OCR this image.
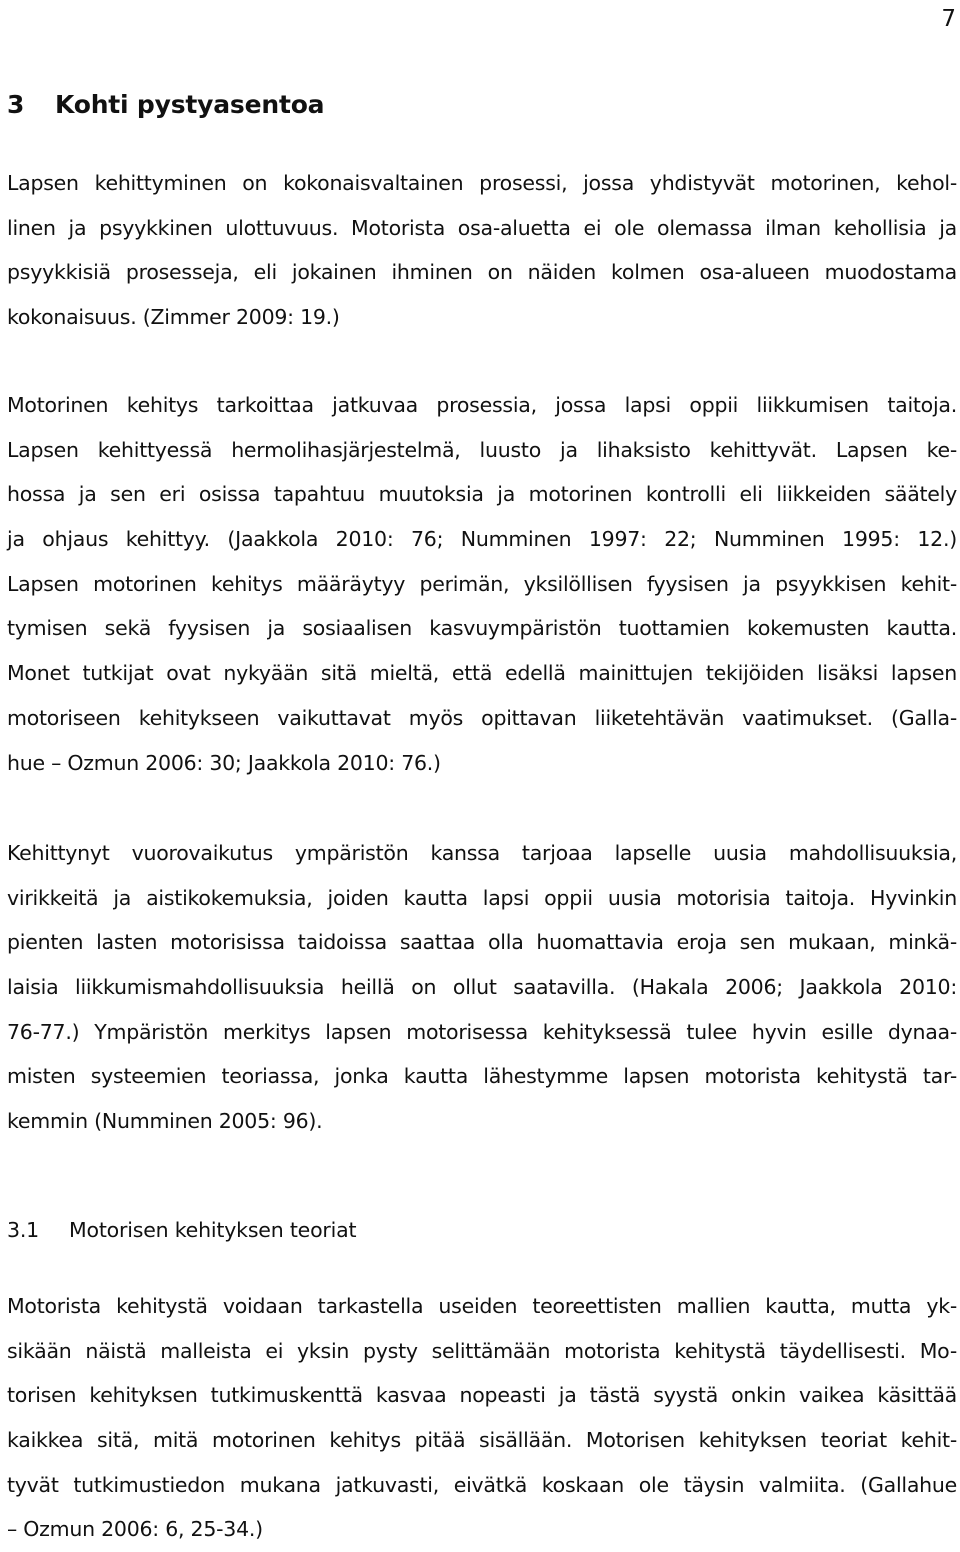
7
3 Kohti pystyasentoa
Lapsen kehittyminen on kokonaisvaltainen prosessi, jossa yhdistyvät motorinen, kehol-
linen ja psyykkinen ulottuvuus. Motorista osa-aluetta ei ole olemassa ilman kehollisia ja
psyykkisiä prosesseja, eli jokainen ihminen on näiden kolmen osa-alueen muodostama
kokonaisuus. (Zimmer 2009: 19.)
Motorinen kehitys tarkoittaa jatkuvaa prosessia, jossa lapsi oppii liikkumisen taitoja.
Lapsen kehittyessä hermolihasjärjestelmä, luusto ja lihaksisto kehittyvät. Lapsen ke-
hossa ja sen eri osissa tapahtuu muutoksia ja motorinen kontrolli eli liikkeiden säätely
ja ohjaus kehittyy. (Jaakkola 2010: 76; Numminen 1997: 22; Numminen 1995: 12.)
Lapsen motorinen kehitys määräytyy perimän, yksilöllisen fyysisen ja psyykkisen kehit-
tymisen sekä fyysisen ja sosiaalisen kasvuympäristön tuottamien kokemusten kautta.
Monet tutkijat ovat nykyään sitä mieltä, että edellä mainittujen tekijöiden lisäksi lapsen
motoriseen kehitykseen vaikuttavat myös opittavan liiketehtävän vaatimukset. (Galla-
hue – Ozmun 2006: 30; Jaakkola 2010: 76.)
Kehittynyt vuorovaikutus ympäristön kanssa tarjoaa lapselle uusia mahdollisuuksia,
virikkeitä ja aistikokemuksia, joiden kautta lapsi oppii uusia motorisia taitoja. Hyvinkin
pienten lasten motorisissa taidoissa saattaa olla huomattavia eroja sen mukaan, minkä-
laisia liikkumismahdollisuuksia heillä on ollut saatavilla. (Hakala 2006; Jaakkola 2010:
76-77.) Ympäristön merkitys lapsen motorisessa kehityksessä tulee hyvin esille dynaa-
misten systeemien teoriassa, jonka kautta lähestymme lapsen motorista kehitystä tar-
kemmin (Numminen 2005: 96).
3.1 Motorisen kehityksen teoriat
Motorista kehitystä voidaan tarkastella useiden teoreettisten mallien kautta, mutta yk-
sikään näistä malleista ei yksin pysty selittämään motorista kehitystä täydellisesti. Mo-
torisen kehityksen tutkimuskenttä kasvaa nopeasti ja tästä syystä onkin vaikea käsittää
kaikkea sitä, mitä motorinen kehitys pitää sisällään. Motorisen kehityksen teoriat kehit-
tyvät tutkimustiedon mukana jatkuvasti, eivätkä koskaan ole täysin valmiita. (Gallahue
– Ozmun 2006: 6, 25-34.)
